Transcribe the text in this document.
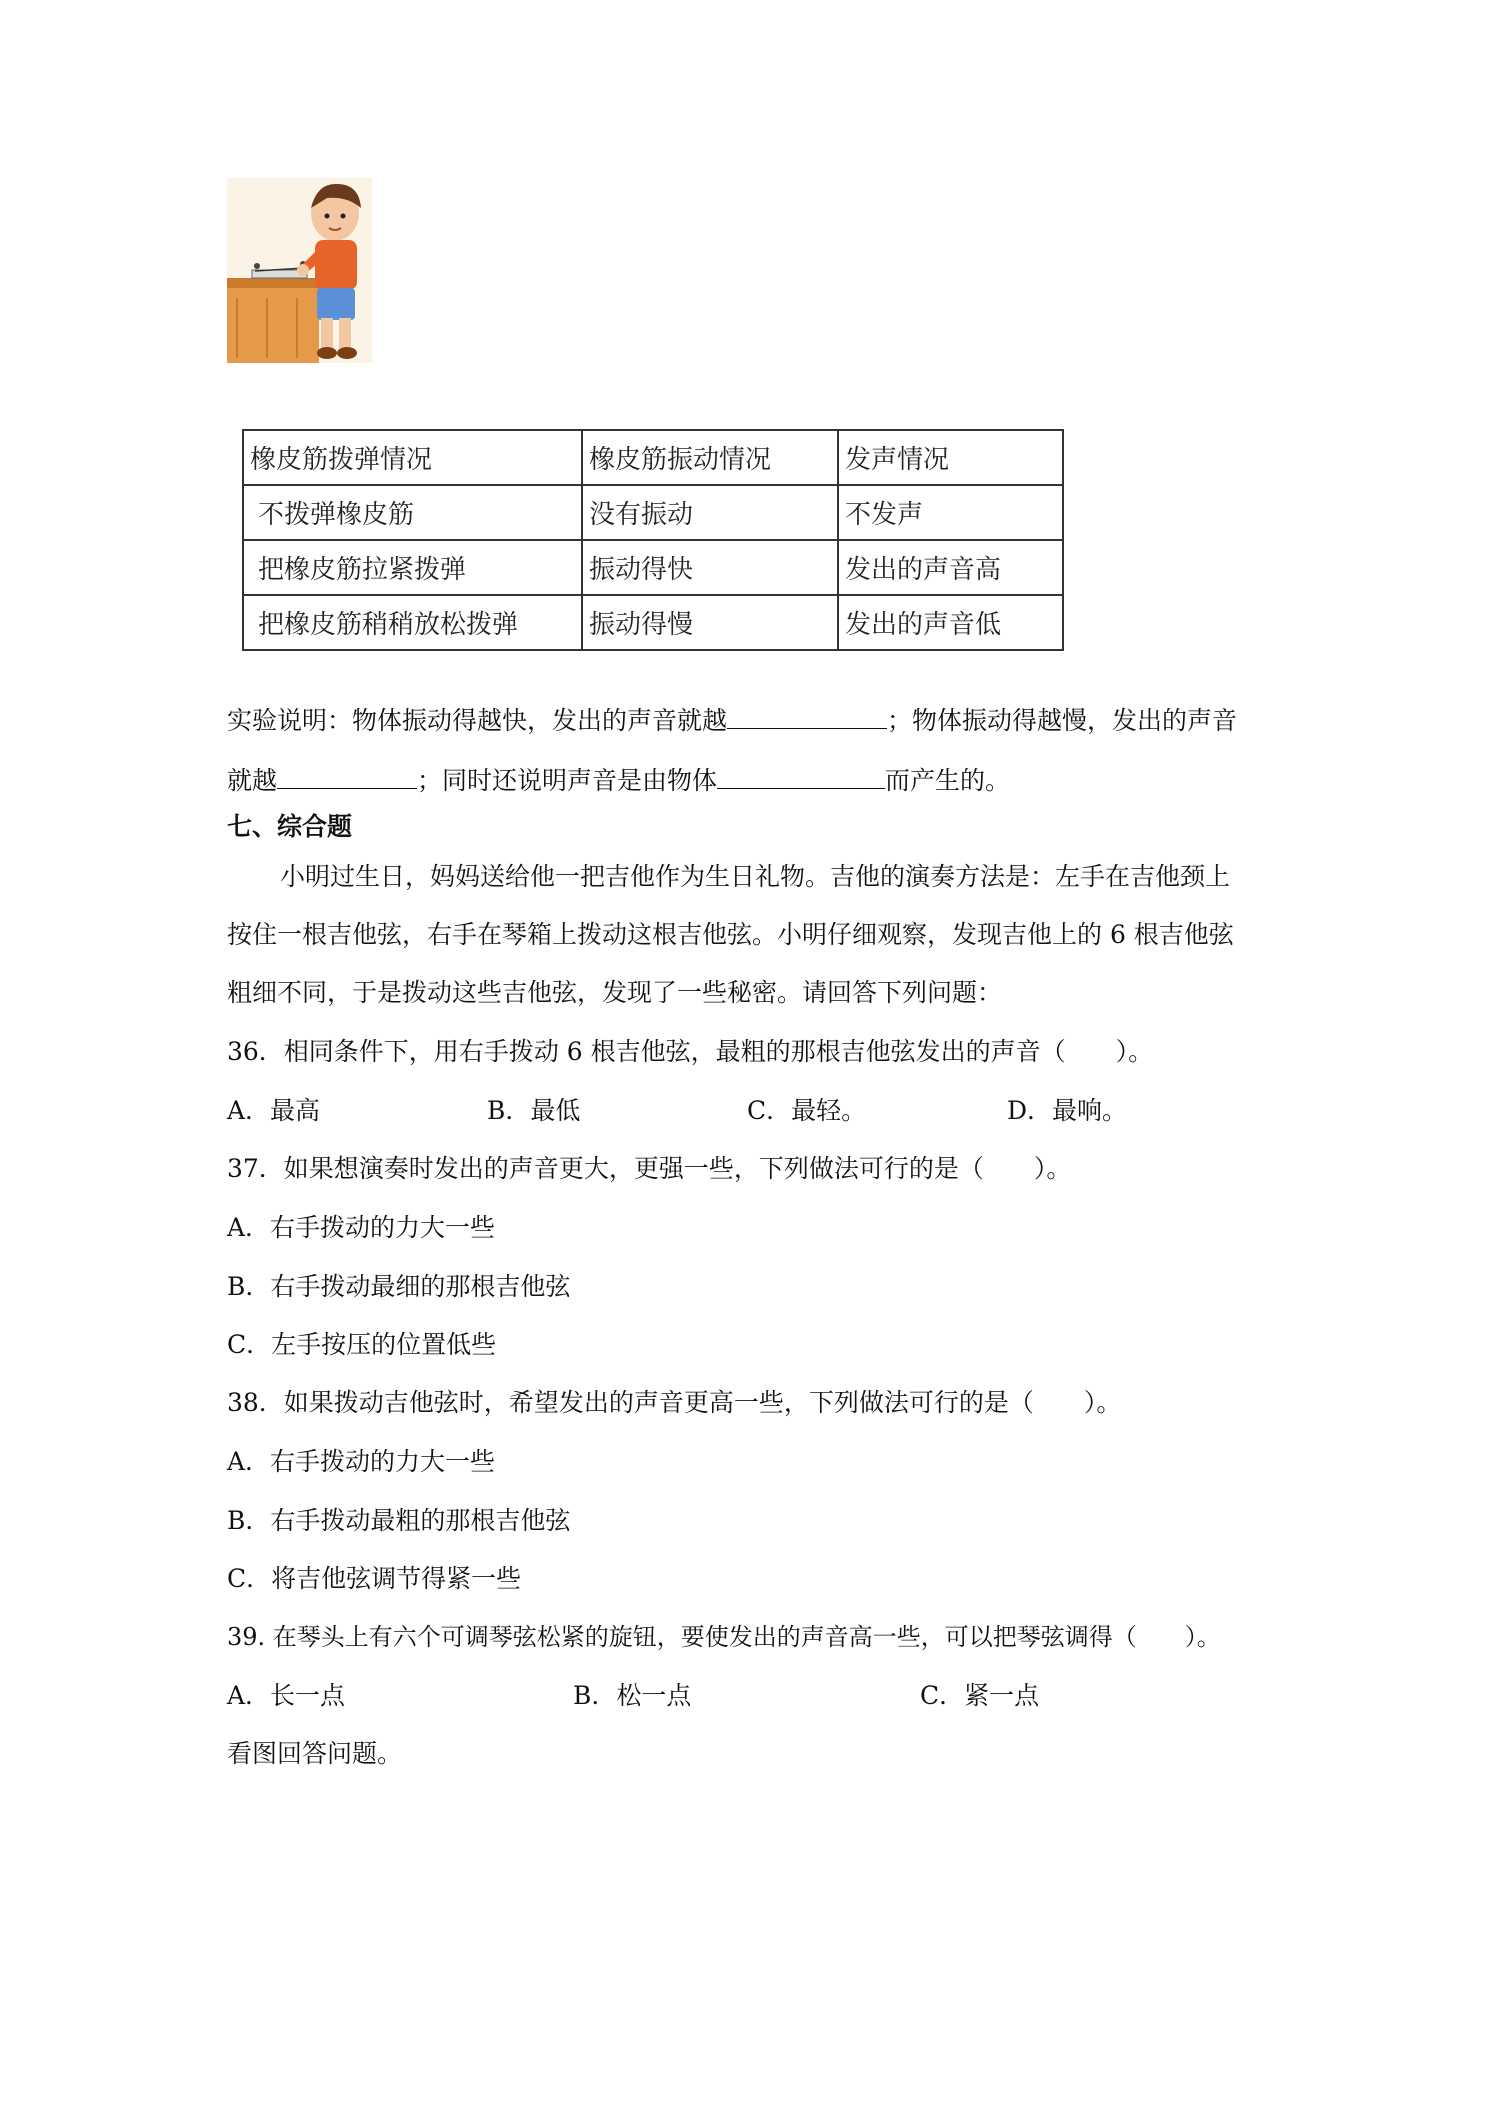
橡皮筋拨弹情况	橡皮筋振动情况	发声情况
不拨弹橡皮筋	没有振动	不发声
把橡皮筋拉紧拨弹	振动得快	发出的声音高
把橡皮筋稍稍放松拨弹	振动得慢	发出的声音低
实验说明：物体振动得越快，发出的声音就越	；物体振动得越慢，发出的声音
就越	；同时还说明声音是由物体	而产生的。
七、综合题
小明过生日，妈妈送给他一把吉他作为生日礼物。吉他的演奏方法是：左手在吉他颈上
按住一根吉他弦，右手在琴箱上拨动这根吉他弦。小明仔细观察，发现吉他上的 6 根吉他弦
粗细不同，于是拨动这些吉他弦，发现了一些秘密。请回答下列问题：
36．相同条件下，用右手拨动 6 根吉他弦，最粗的那根吉他弦发出的声音（　　）。
A．最高	B．最低	C．最轻。	D．最响。
37．如果想演奏时发出的声音更大，更强一些，下列做法可行的是（　　）。
A．右手拨动的力大一些
B．右手拨动最细的那根吉他弦
C．左手按压的位置低些
38．如果拨动吉他弦时，希望发出的声音更高一些，下列做法可行的是（　　）。
A．右手拨动的力大一些
B．右手拨动最粗的那根吉他弦
C．将吉他弦调节得紧一些
39. 在琴头上有六个可调琴弦松紧的旋钮，要使发出的声音高一些，可以把琴弦调得（　　）。
A．长一点	B．松一点	C．紧一点
看图回答问题。
